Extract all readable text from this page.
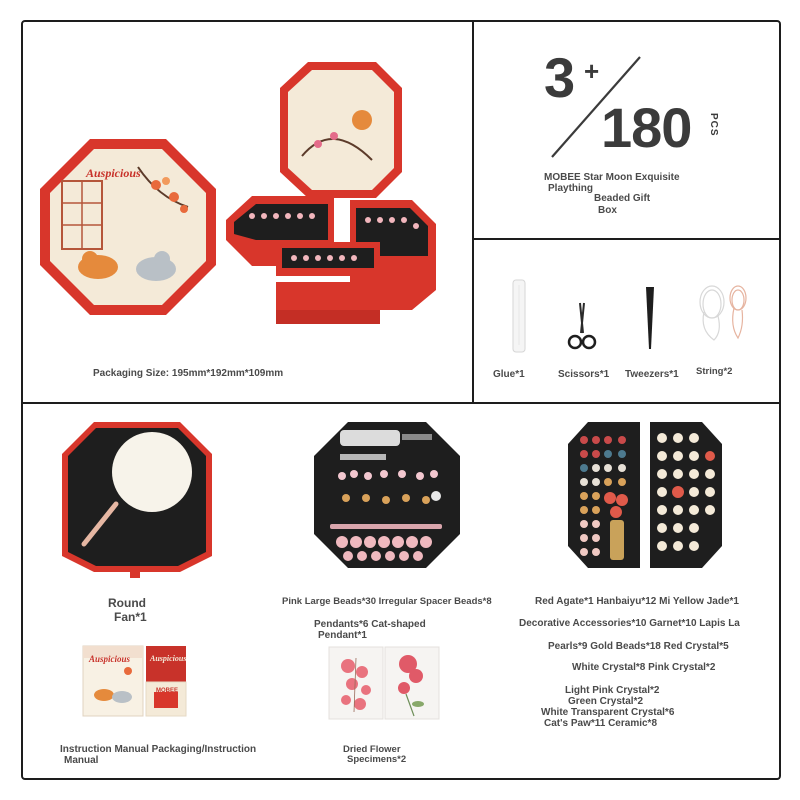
Auspicious
Packaging Size: 195mm*192mm*109mm
3 +
180 PCS
MOBEE Star Moon Exquisite
Plaything
Beaded Gift
Box
Glue*1	Scissors*1 Tweezers*1 String*2
Round
Fan*1
Auspicious Auspicious
MOBEE
Instruction Manual Packaging/Instruction
Manual
Pink Large Beads*30 Irregular Spacer Beads*8
Pendants*6 Cat-shaped
Pendant*1
Dried Flower
Specimens*2
Red Agate*1 Hanbaiyu*12 Mi Yellow Jade*1
Decorative Accessories*10 Garnet*10 Lapis La
Pearls*9 Gold Beads*18 Red Crystal*5
White Crystal*8 Pink Crystal*2
Light Pink Crystal*2
Green Crystal*2
White Transparent Crystal*6
Cat's Paw*11 Ceramic*8
